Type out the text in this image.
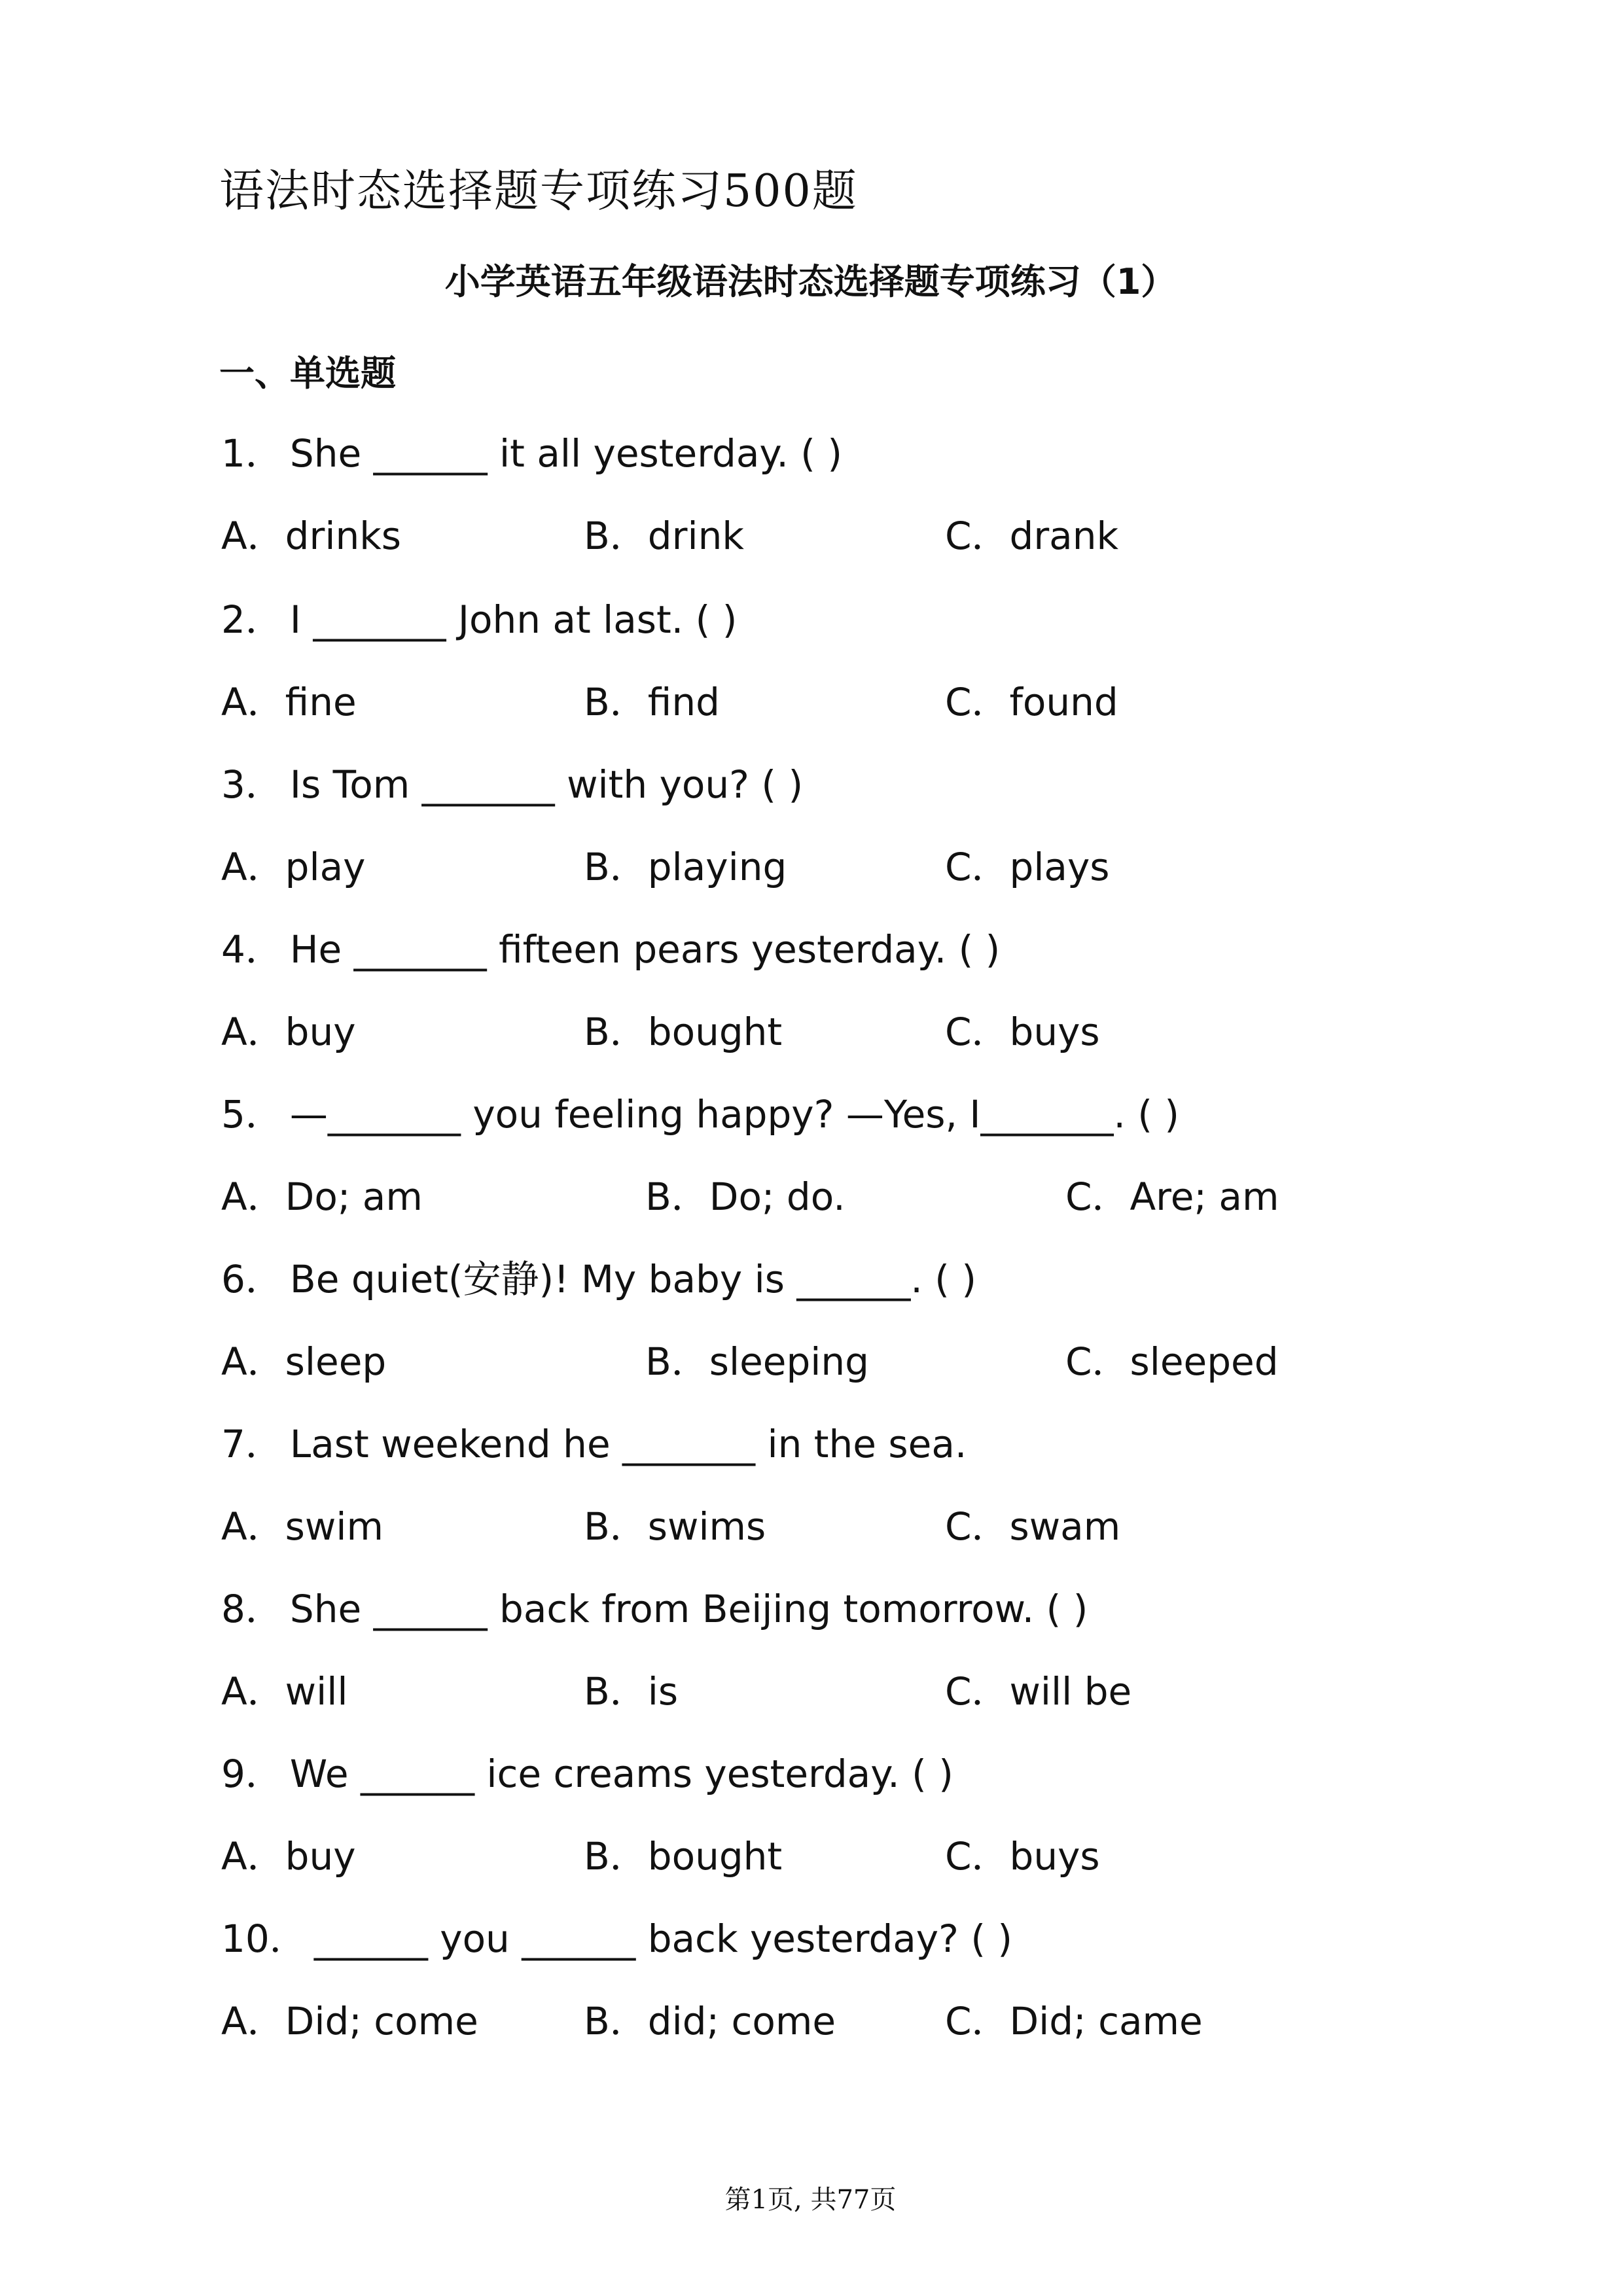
语法时态选择题专项练习500题
小学英语五年级语法时态选择题专项练习（1）
一、单选题
1． She ______ it all yesterday. ( )
A．drinks	B．drink	C．drank
2． I _______ John at last. ( )
A．fine	B．find	C．found
3． Is Tom _______ with you? ( )
A．play	B．playing	C．plays
4． He _______ fifteen pears yesterday. ( )
A．buy	B．bought	C．buys
5． —_______ you feeling happy? —Yes, I_______. ( )
A．Do; am	B．Do; do.	C．Are; am
6． Be quiet(安静)! My baby is ______. ( )
A．sleep	B．sleeping	C．sleeped
7． Last weekend he _______ in the sea.
A．swim	B．swims	C．swam
8． She ______ back from Beijing tomorrow. ( )
A．will	B．is	C．will be
9． We ______ ice creams yesterday. ( )
A．buy	B．bought	C．buys
10． ______ you ______ back yesterday? ( )
A．Did; come	B．did; come	C．Did; came
第1页, 共77页
